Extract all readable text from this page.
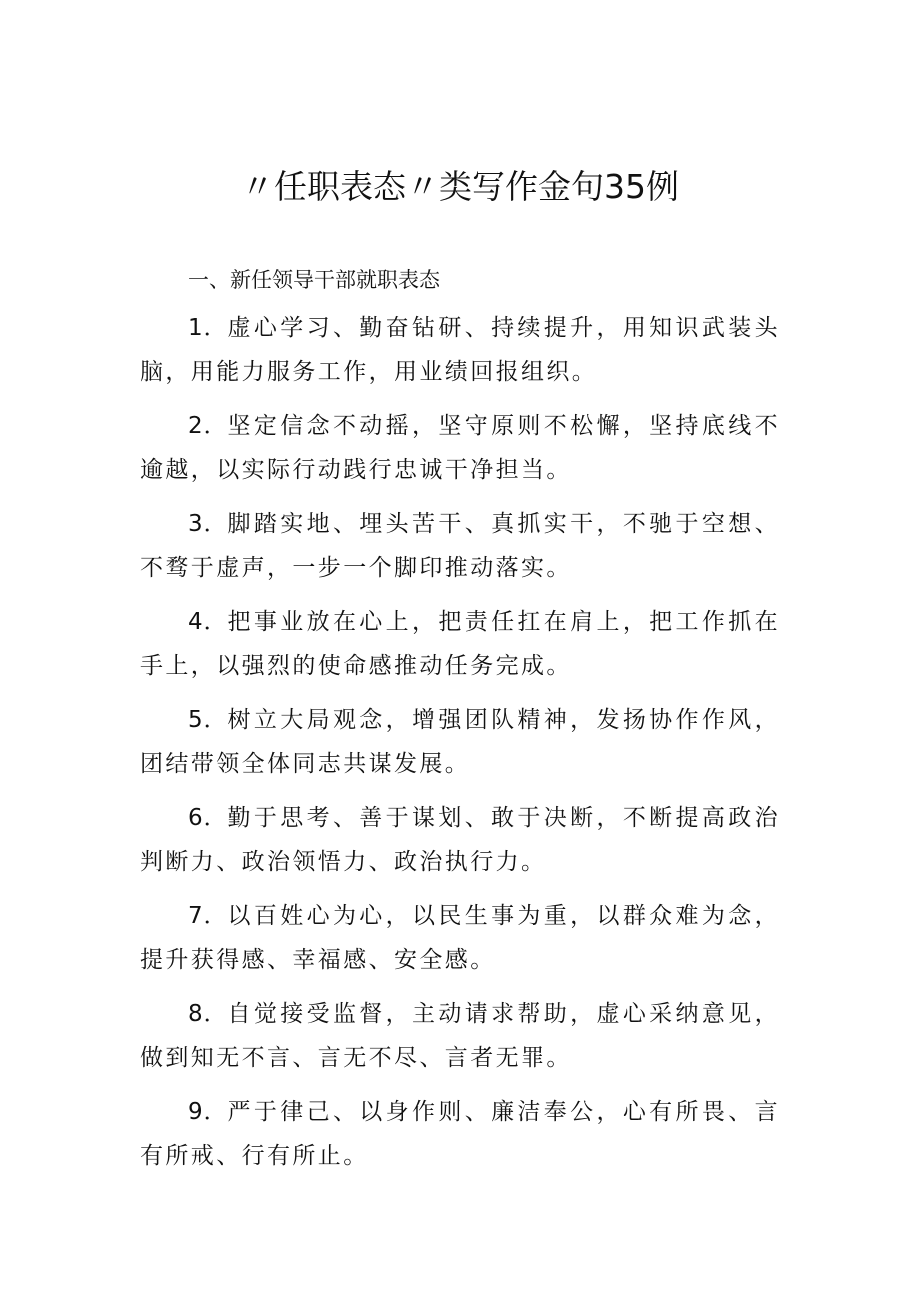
〃任职表态〃类写作金句35例
一、新任领导干部就职表态
1．虚心学习、勤奋钻研、持续提升，用知识武装头脑，用能力服务工作，用业绩回报组织。
2．坚定信念不动摇，坚守原则不松懈，坚持底线不逾越，以实际行动践行忠诚干净担当。
3．脚踏实地、埋头苦干、真抓实干，不驰于空想、不骛于虚声，一步一个脚印推动落实。
4．把事业放在心上，把责任扛在肩上，把工作抓在手上，以强烈的使命感推动任务完成。
5．树立大局观念，增强团队精神，发扬协作作风，团结带领全体同志共谋发展。
6．勤于思考、善于谋划、敢于决断，不断提高政治判断力、政治领悟力、政治执行力。
7．以百姓心为心，以民生事为重，以群众难为念，提升获得感、幸福感、安全感。
8．自觉接受监督，主动请求帮助，虚心采纳意见，做到知无不言、言无不尽、言者无罪。
9．严于律己、以身作则、廉洁奉公，心有所畏、言有所戒、行有所止。
